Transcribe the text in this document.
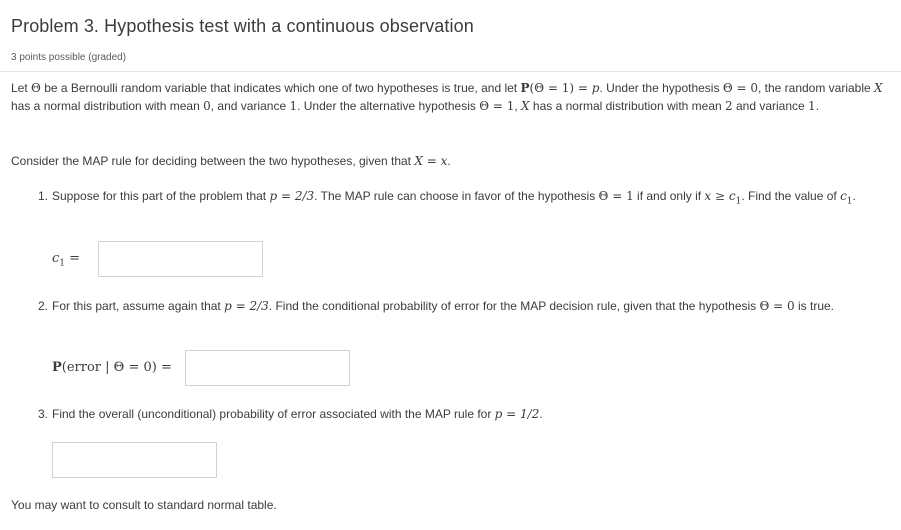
Problem 3. Hypothesis test with a continuous observation
3 points possible (graded)
Let Θ be a Bernoulli random variable that indicates which one of two hypotheses is true, and let P(Θ = 1) = p. Under the hypothesis Θ = 0, the random variable X has a normal distribution with mean 0, and variance 1. Under the alternative hypothesis Θ = 1, X has a normal distribution with mean 2 and variance 1.
Consider the MAP rule for deciding between the two hypotheses, given that X = x.
1. Suppose for this part of the problem that p = 2/3. The MAP rule can choose in favor of the hypothesis Θ = 1 if and only if $x \ge c_1$. Find the value of $c_1$.
$c_1$ =
2. For this part, assume again that p = 2/3. Find the conditional probability of error for the MAP decision rule, given that the hypothesis Θ = 0 is true.
P(error | Θ = 0) =
3. Find the overall (unconditional) probability of error associated with the MAP rule for p = 1/2.
You may want to consult to standard normal table.
